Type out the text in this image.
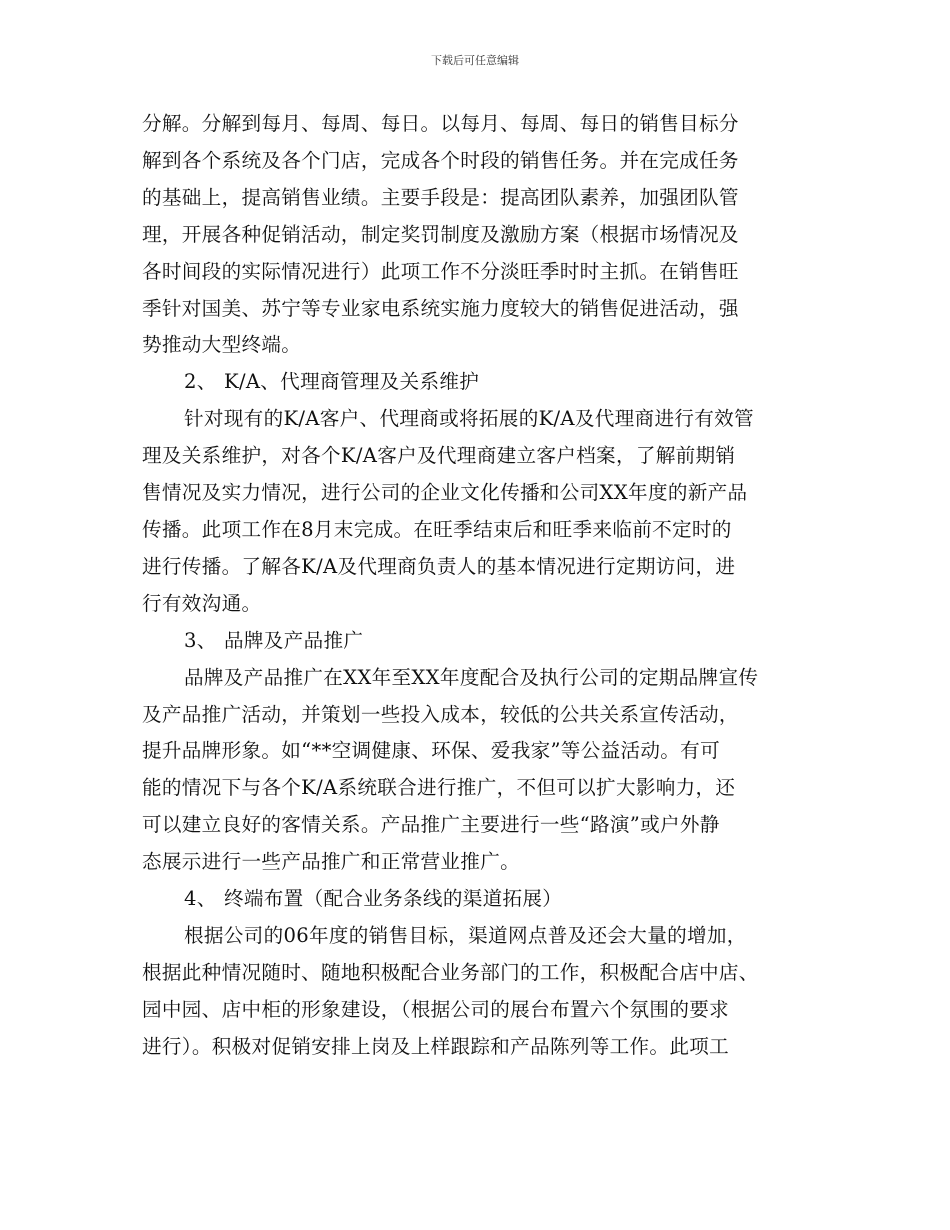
下载后可任意编辑
分解。分解到每月、每周、每日。以每月、每周、每日的销售目标分
解到各个系统及各个门店，完成各个时段的销售任务。并在完成任务
的基础上，提高销售业绩。主要手段是：提高团队素养，加强团队管
理，开展各种促销活动，制定奖罚制度及激励方案（根据市场情况及
各时间段的实际情况进行）此项工作不分淡旺季时时主抓。在销售旺
季针对国美、苏宁等专业家电系统实施力度较大的销售促进活动，强
势推动大型终端。
2、 K/A、代理商管理及关系维护
针对现有的K/A客户、代理商或将拓展的K/A及代理商进行有效管
理及关系维护，对各个K/A客户及代理商建立客户档案，了解前期销
售情况及实力情况，进行公司的企业文化传播和公司XX年度的新产品
传播。此项工作在8月末完成。在旺季结束后和旺季来临前不定时的
进行传播。了解各K/A及代理商负责人的基本情况进行定期访问，进
行有效沟通。
3、 品牌及产品推广
品牌及产品推广在XX年至XX年度配合及执行公司的定期品牌宣传
及产品推广活动，并策划一些投入成本，较低的公共关系宣传活动，
提升品牌形象。如“**空调健康、环保、爱我家”等公益活动。有可
能的情况下与各个K/A系统联合进行推广，不但可以扩大影响力，还
可以建立良好的客情关系。产品推广主要进行一些“路演”或户外静
态展示进行一些产品推广和正常营业推广。
4、 终端布置（配合业务条线的渠道拓展）
根据公司的06年度的销售目标，渠道网点普及还会大量的增加，
根据此种情况随时、随地积极配合业务部门的工作，积极配合店中店、
园中园、店中柜的形象建设，（根据公司的展台布置六个氛围的要求
进行）。积极对促销安排上岗及上样跟踪和产品陈列等工作。此项工
